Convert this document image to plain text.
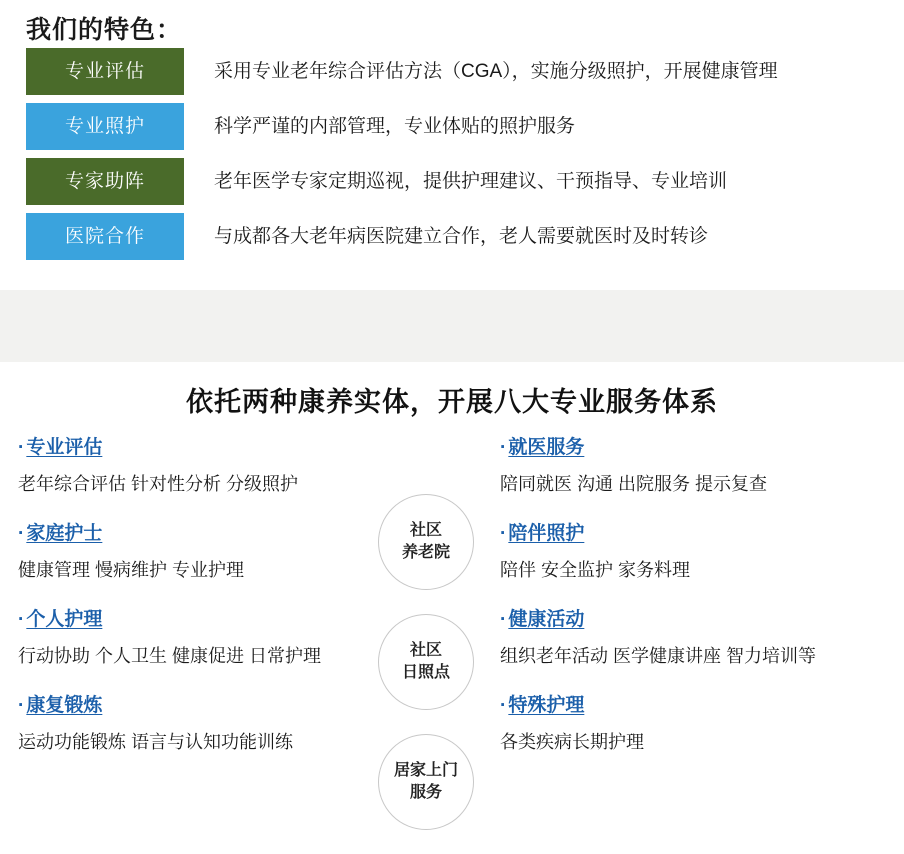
我们的特色：
专业评估	采用专业老年综合评估方法（CGA），实施分级照护，开展健康管理
专业照护	科学严谨的内部管理，专业体贴的照护服务
专家助阵	老年医学专家定期巡视，提供护理建议、干预指导、专业培训
医院合作	与成都各大老年病医院建立合作，老人需要就医时及时转诊
依托两种康养实体，开展八大专业服务体系
· 专业评估
老年综合评估 针对性分析 分级照护
· 家庭护士
健康管理 慢病维护 专业护理
· 个人护理
行动协助 个人卫生 健康促进 日常护理
· 康复锻炼
运动功能锻炼 语言与认知功能训练
社区
养老院
社区
日照点
居家上门
服务
· 就医服务
陪同就医 沟通 出院服务 提示复查
· 陪伴照护
陪伴 安全监护 家务料理
· 健康活动
组织老年活动 医学健康讲座 智力培训等
· 特殊护理
各类疾病长期护理
